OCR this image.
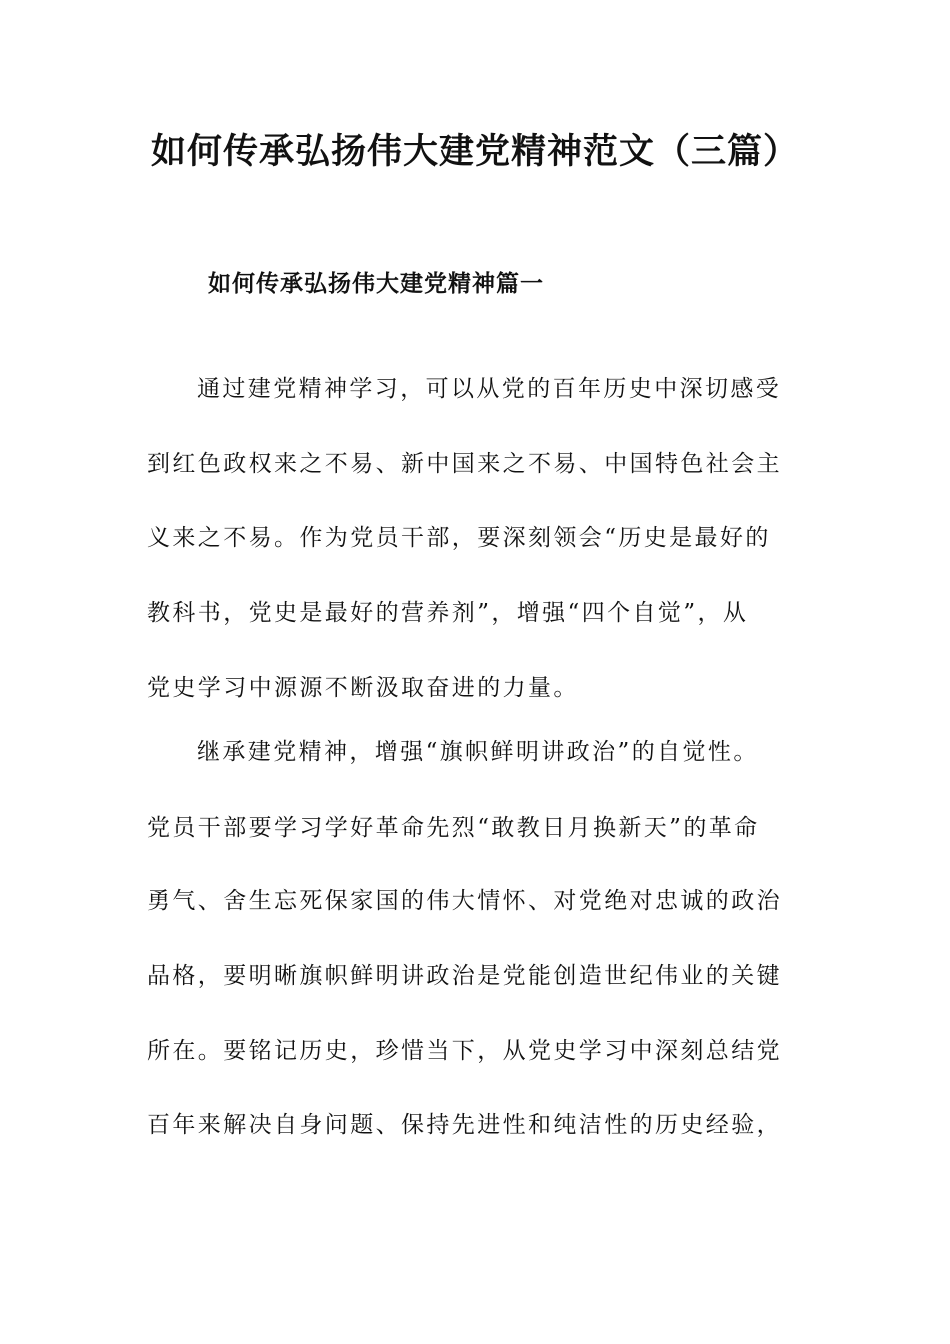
如何传承弘扬伟大建党精神范文（三篇）
如何传承弘扬伟大建党精神篇一

通过建党精神学习，可以从党的百年历史中深切感受

到红色政权来之不易、新中国来之不易、中国特色社会主

义来之不易。作为党员干部，要深刻领会“历史是最好的

教科书，党史是最好的营养剂”，增强“四个自觉”，从

党史学习中源源不断汲取奋进的力量。

继承建党精神，增强“旗帜鲜明讲政治”的自觉性。

党员干部要学习学好革命先烈“敢教日月换新天”的革命

勇气、舍生忘死保家国的伟大情怀、对党绝对忠诚的政治

品格，要明晰旗帜鲜明讲政治是党能创造世纪伟业的关键

所在。要铭记历史，珍惜当下，从党史学习中深刻总结党

百年来解决自身问题、保持先进性和纯洁性的历史经验，
